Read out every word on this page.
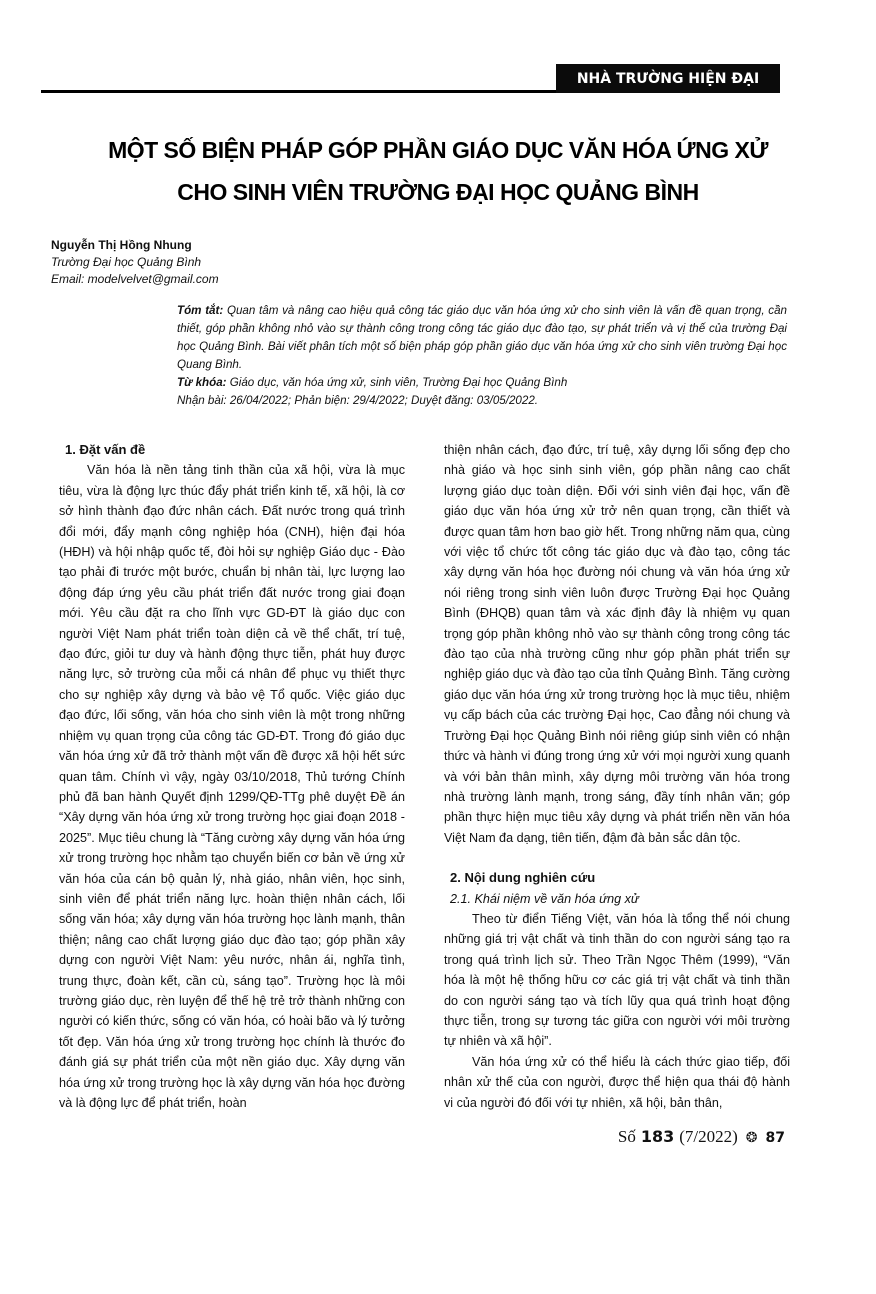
NHÀ TRƯỜNG HIỆN ĐẠI
MỘT SỐ BIỆN PHÁP GÓP PHẦN GIÁO DỤC VĂN HÓA ỨNG XỬ
CHO SINH VIÊN TRƯỜNG ĐẠI HỌC QUẢNG BÌNH
Nguyễn Thị Hồng Nhung
Trường Đại học Quảng Bình
Email: modelvelvet@gmail.com

Tóm tắt: Quan tâm và nâng cao hiệu quả công tác giáo dục văn hóa ứng xử cho sinh viên là vấn đề quan trọng, cần thiết, góp phần không nhỏ vào sự thành công trong công tác giáo dục đào tạo, sự phát triển và vị thế của trường Đại học Quảng Bình. Bài viết phân tích một số biện pháp góp phần giáo dục văn hóa ứng xử cho sinh viên trường Đại học Quang Bình.

Từ khóa: Giáo dục, văn hóa ứng xử, sinh viên, Trường Đại học Quảng Bình

Nhận bài: 26/04/2022; Phản biện: 29/4/2022; Duyệt đăng: 03/05/2022.

1. Đặt vấn đề

Văn hóa là nền tảng tinh thần của xã hội, vừa là mục tiêu, vừa là động lực thúc đẩy phát triển kinh tế, xã hội, là cơ sở hình thành đạo đức nhân cách. Đất nước trong quá trình đổi mới, đẩy mạnh công nghiệp hóa (CNH), hiện đại hóa (HĐH) và hội nhập quốc tế, đòi hỏi sự nghiệp Giáo dục - Đào tạo phải đi trước một bước, chuẩn bị nhân tài, lực lượng lao động đáp ứng yêu cầu phát triển đất nước trong giai đoạn mới. Yêu cầu đặt ra cho lĩnh vực GD-ĐT là giáo dục con người Việt Nam phát triển toàn diện cả về thể chất, trí tuệ, đạo đức, giỏi tư duy và hành động thực tiễn, phát huy được năng lực, sở trường của mỗi cá nhân để phục vụ thiết thực cho sự nghiệp xây dựng và bảo vệ Tổ quốc. Việc giáo dục đạo đức, lối sống, văn hóa cho sinh viên là một trong những nhiệm vụ quan trọng của công tác GD-ĐT. Trong đó giáo dục văn hóa ứng xử đã trở thành một vấn đề được xã hội hết sức quan tâm. Chính vì vậy, ngày 03/10/2018, Thủ tướng Chính phủ đã ban hành Quyết định 1299/QĐ-TTg phê duyệt Đề án “Xây dựng văn hóa ứng xử trong trường học giai đoạn 2018 - 2025”. Mục tiêu chung là “Tăng cường xây dựng văn hóa ứng xử trong trường học nhằm tạo chuyển biến cơ bản về ứng xử văn hóa của cán bộ quản lý, nhà giáo, nhân viên, học sinh, sinh viên để phát triển năng lực. hoàn thiện nhân cách, lối sống văn hóa; xây dựng văn hóa trường học lành mạnh, thân thiện; nâng cao chất lượng giáo dục đào tạo; góp phần xây dựng con người Việt Nam: yêu nước, nhân ái, nghĩa tình, trung thực, đoàn kết, cần cù, sáng tạo”. Trường học là môi trường giáo dục, rèn luyện để thế hệ trẻ trở thành những con người có kiến thức, sống có văn hóa, có hoài bão và lý tưởng tốt đẹp. Văn hóa ứng xử trong trường học chính là thước đo đánh giá sự phát triển của một nền giáo dục. Xây dựng văn hóa ứng xử trong trường học là xây dựng văn hóa học đường và là động lực để phát triển, hoàn

thiện nhân cách, đạo đức, trí tuệ, xây dựng lối sống đẹp cho nhà giáo và học sinh sinh viên, góp phần nâng cao chất lượng giáo dục toàn diện. Đối với sinh viên đại học, vấn đề giáo dục văn hóa ứng xử trở nên quan trọng, cần thiết và được quan tâm hơn bao giờ hết. Trong những năm qua, cùng với việc tổ chức tốt công tác giáo dục và đào tạo, công tác xây dựng văn hóa học đường nói chung và văn hóa ứng xử nói riêng trong sinh viên luôn được Trường Đại học Quảng Bình (ĐHQB) quan tâm và xác định đây là nhiệm vụ quan trọng góp phần không nhỏ vào sự thành công trong công tác đào tạo của nhà trường cũng như góp phần phát triển sự nghiệp giáo dục và đào tạo của tỉnh Quảng Bình. Tăng cường giáo dục văn hóa ứng xử trong trường học là mục tiêu, nhiệm vụ cấp bách của các trường Đại học, Cao đẳng nói chung và Trường Đại học Quảng Bình nói riêng giúp sinh viên có nhận thức và hành vi đúng trong ứng xử với mọi người xung quanh và với bản thân mình, xây dựng môi trường văn hóa trong nhà trường lành mạnh, trong sáng, đầy tính nhân văn; góp phần thực hiện mục tiêu xây dựng và phát triển nền văn hóa Việt Nam đa dạng, tiên tiến, đậm đà bản sắc dân tộc.

2. Nội dung nghiên cứu
2.1. Khái niệm về văn hóa ứng xử

Theo từ điển Tiếng Việt, văn hóa là tổng thể nói chung những giá trị vật chất và tinh thần do con người sáng tạo ra trong quá trình lịch sử. Theo Trần Ngọc Thêm (1999), “Văn hóa là một hệ thống hữu cơ các giá trị vật chất và tinh thần do con người sáng tạo và tích lũy qua quá trình hoạt động thực tiễn, trong sự tương tác giữa con người với môi trường tự nhiên và xã hội”.

Văn hóa ứng xử có thể hiểu là cách thức giao tiếp, đối nhân xử thế của con người, được thể hiện qua thái độ hành vi của người đó đối với tự nhiên, xã hội, bản thân,

Số 183 (7/2022) ❂ 87
